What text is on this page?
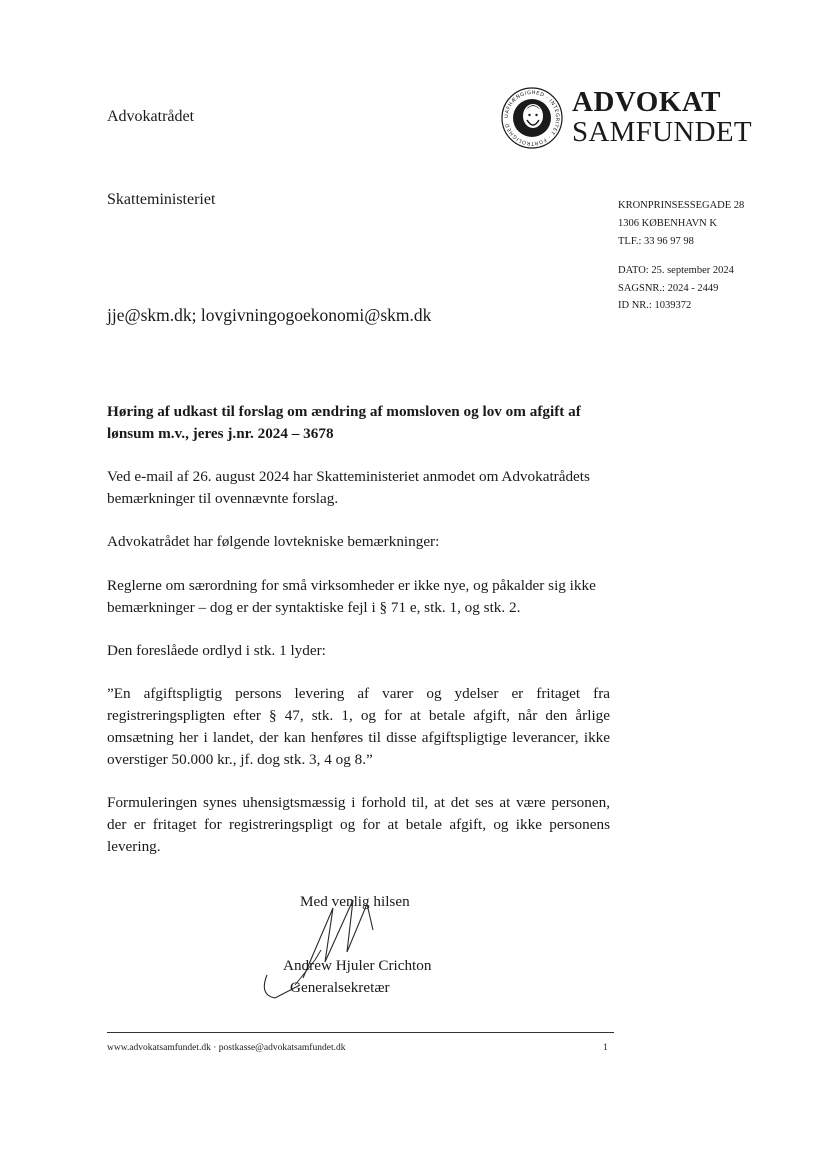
Advokatrådet	UAFHÆNGIGHED · INTEGRITET · FORTROLIGHED
ADVOKAT
SAMFUNDET
Skatteministeriet	KRONPRINSESSEGADE 28
1306 KØBENHAVN K
TLF.: 33 96 97 98
DATO: 25. september 2024
SAGSNR.: 2024 - 2449
ID NR.: 1039372
jje@skm.dk; lovgivningogoekonomi@skm.dk
Høring af udkast til forslag om ændring af momsloven og lov om afgift af lønsum m.v., jeres j.nr. 2024 – 3678
Ved e-mail af 26. august 2024 har Skatteministeriet anmodet om Advokatrådets bemærkninger til ovennævnte forslag.
Advokatrådet har følgende lovtekniske bemærkninger:
Reglerne om særordning for små virksomheder er ikke nye, og påkalder sig ikke bemærkninger – dog er der syntaktiske fejl i § 71 e, stk. 1, og stk. 2.
Den foreslåede ordlyd i stk. 1 lyder:
”En afgiftspligtig persons levering af varer og ydelser er fritaget fra registreringspligten efter § 47, stk. 1, og for at betale afgift, når den årlige omsætning her i landet, der kan henføres til disse afgiftspligtige leverancer, ikke overstiger 50.000 kr., jf. dog stk. 3, 4 og 8.”
Formuleringen synes uhensigtsmæssig i forhold til, at det ses at være personen, der er fritaget for registreringspligt og for at betale afgift, og ikke personens levering.
Med venlig hilsen
Andrew Hjuler Crichton
Generalsekretær
www.advokatsamfundet.dk · postkasse@advokatsamfundet.dk	1
